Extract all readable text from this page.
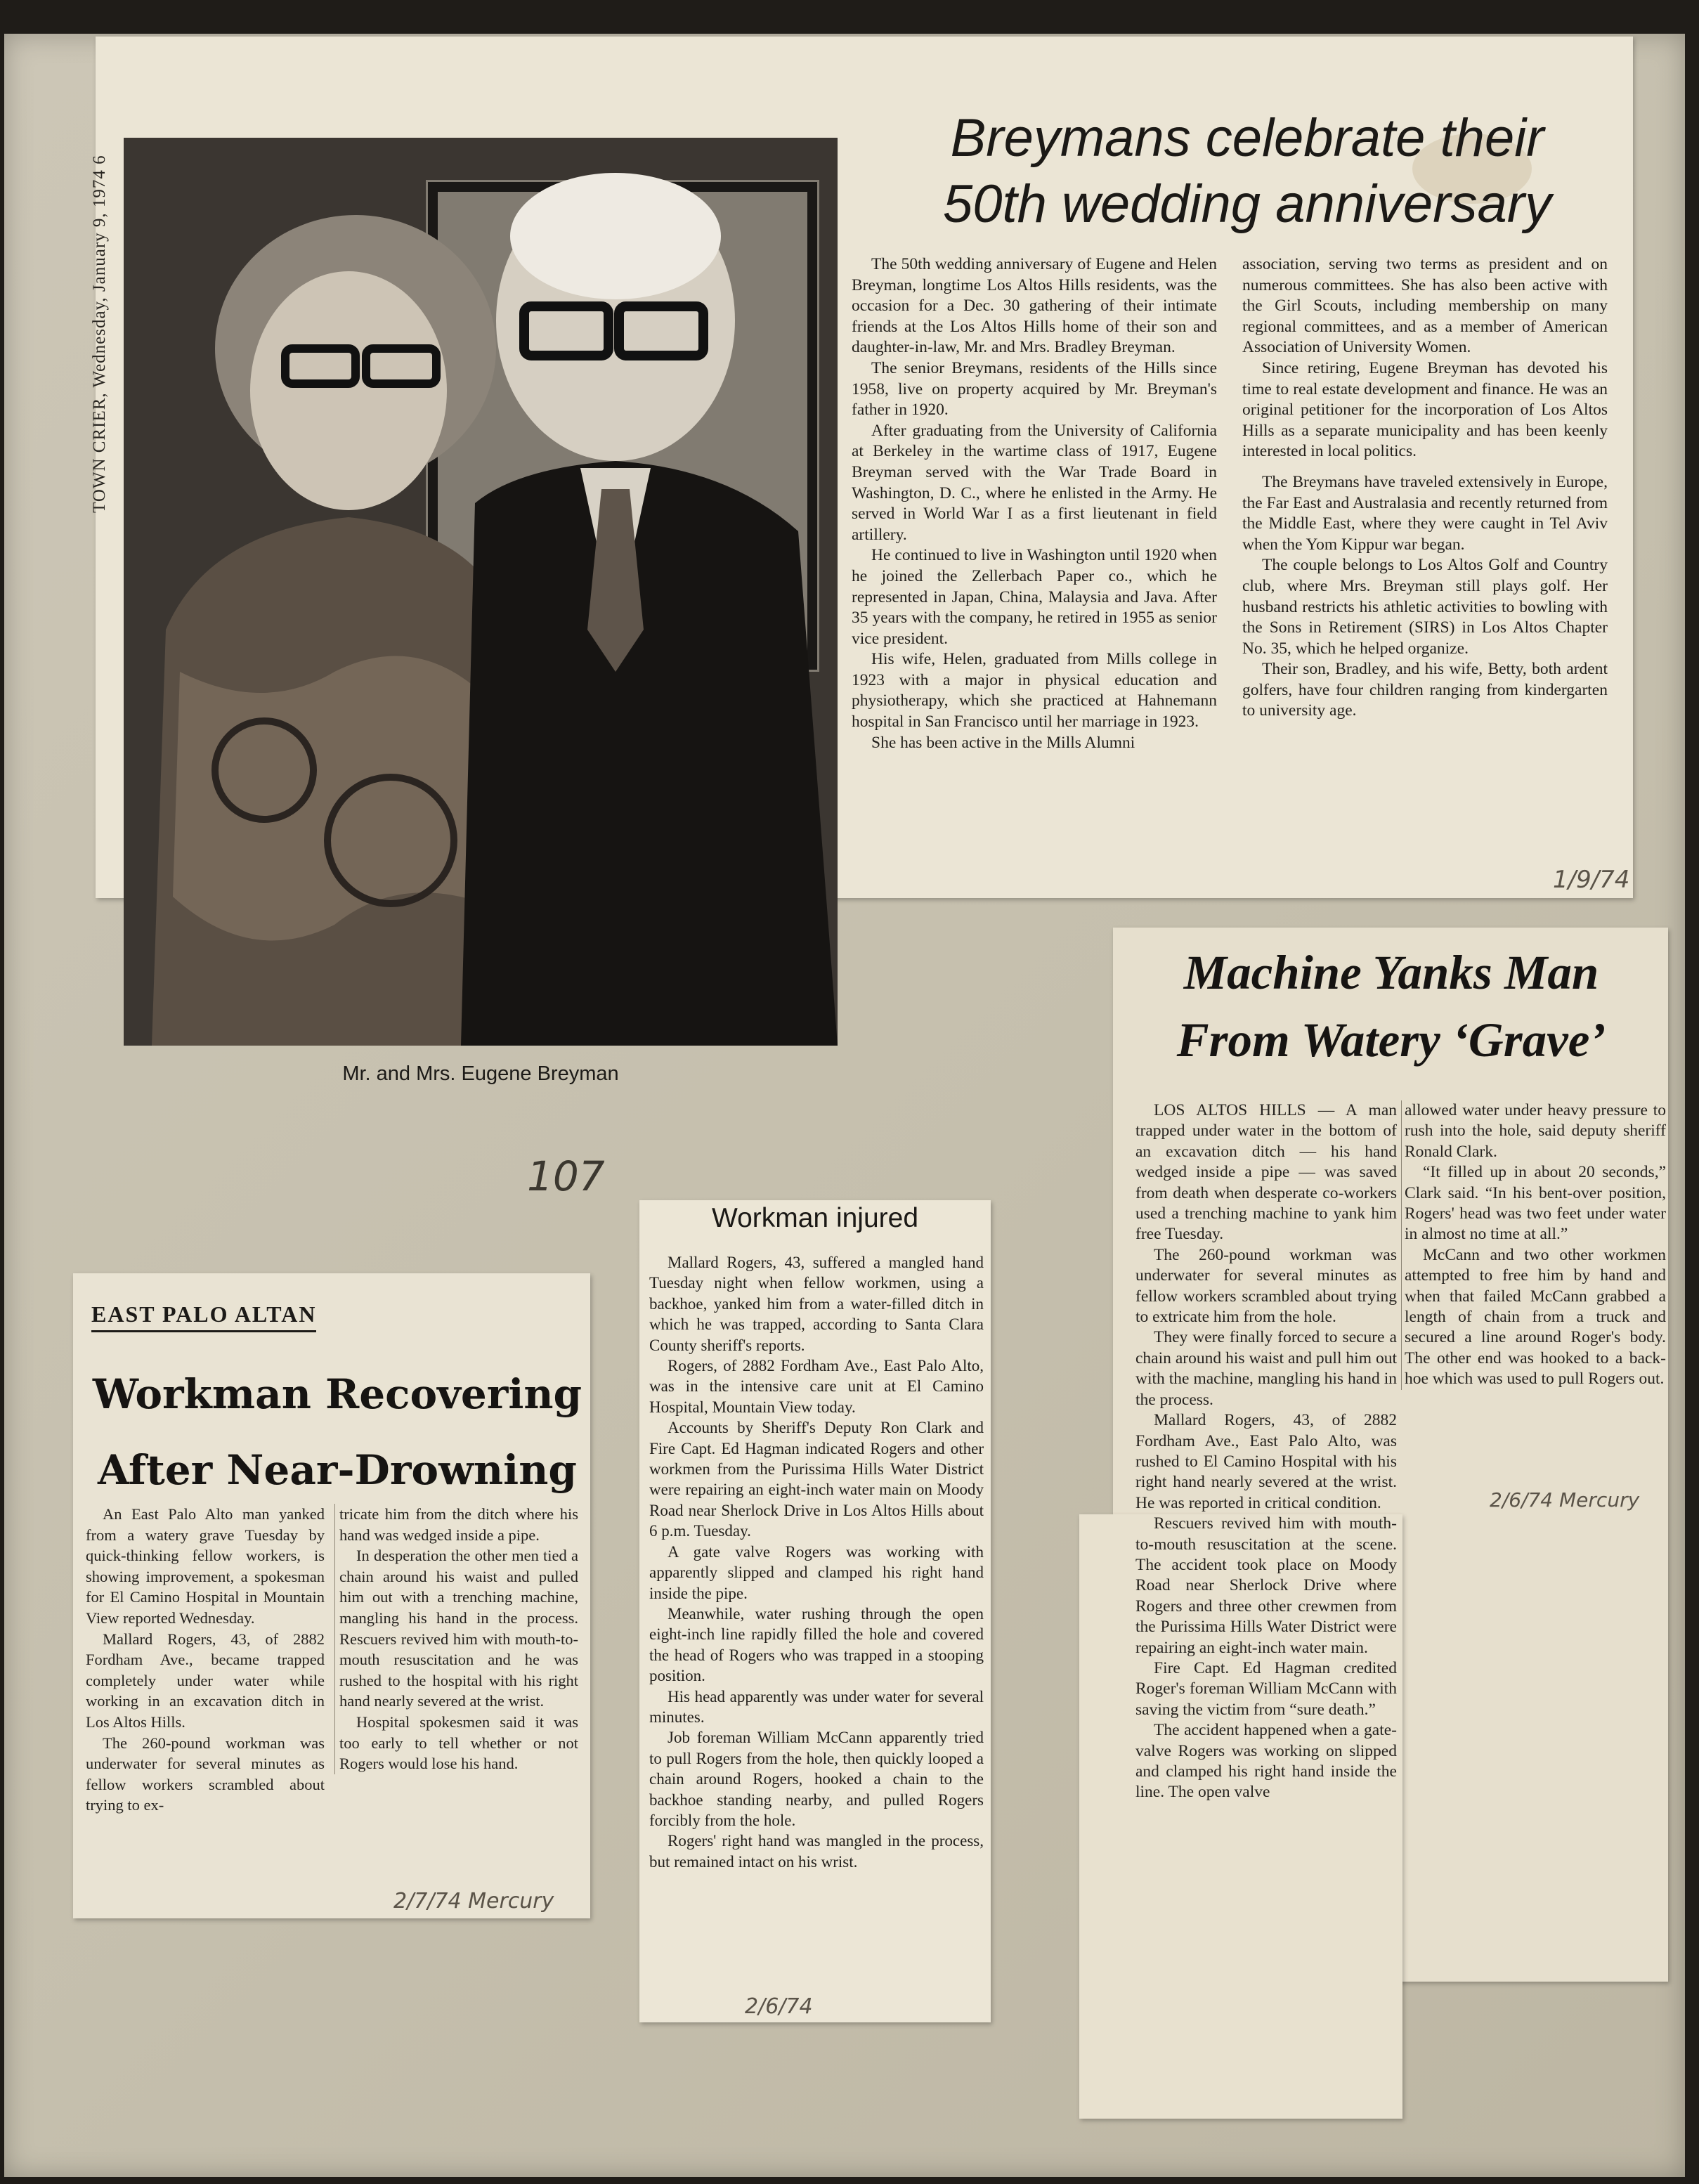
TOWN CRIER, Wednesday, January 9, 1974 6
Mr. and Mrs. Eugene Breyman
Breymans celebrate their
50th wedding anniversary

The 50th wedding anniversary of Eugene and Helen Breyman, longtime Los Altos Hills residents, was the occasion for a Dec. 30 gathering of their intimate friends at the Los Altos Hills home of their son and daughter-in-law, Mr. and Mrs. Bradley Breyman.

The senior Breymans, residents of the Hills since 1958, live on property acquired by Mr. Breyman's father in 1920.

After graduating from the University of California at Berkeley in the wartime class of 1917, Eugene Breyman served with the War Trade Board in Washington, D. C., where he enlisted in the Army. He served in World War I as a first lieutenant in field artillery.

He continued to live in Washington until 1920 when he joined the Zellerbach Paper co., which he represented in Japan, China, Malaysia and Java. After 35 years with the company, he retired in 1955 as senior vice president.

His wife, Helen, graduated from Mills college in 1923 with a major in physical education and physiotherapy, which she practiced at Hahnemann hospital in San Francisco until her marriage in 1923.

She has been active in the Mills Alumni

association, serving two terms as president and on numerous committees. She has also been active with the Girl Scouts, including membership on many regional committees, and as a member of American Association of University Women.

Since retiring, Eugene Breyman has devoted his time to real estate development and finance. He was an original petitioner for the incorporation of Los Altos Hills as a separate municipality and has been keenly interested in local politics.

The Breymans have traveled extensively in Europe, the Far East and Australasia and recently returned from the Middle East, where they were caught in Tel Aviv when the Yom Kippur war began.

The couple belongs to Los Altos Golf and Country club, where Mrs. Breyman still plays golf. Her husband restricts his athletic activities to bowling with the Sons in Retirement (SIRS) in Los Altos Chapter No. 35, which he helped organize.

Their son, Bradley, and his wife, Betty, both ardent golfers, have four children ranging from kindergarten to university age.

1/9/74
107
EAST PALO ALTAN
Workman Recovering
After Near-Drowning

An East Palo Alto man yanked from a watery grave Tuesday by quick-thinking fellow workers, is showing improvement, a spokesman for El Camino Hospital in Mountain View reported Wednesday.

Mallard Rogers, 43, of 2882 Fordham Ave., became trapped completely under water while working in an excavation ditch in Los Altos Hills.

The 260-pound workman was underwater for several minutes as fellow workers scrambled about trying to ex-

tricate him from the ditch where his hand was wedged inside a pipe.

In desperation the other men tied a chain around his waist and pulled him out with a trenching machine, mangling his hand in the process. Rescuers revived him with mouth-to-mouth resuscitation and he was rushed to the hospital with his right hand nearly severed at the wrist.

Hospital spokesmen said it was too early to tell whether or not Rogers would lose his hand.

2/7/74 Mercury
Workman injured

Mallard Rogers, 43, suffered a mangled hand Tuesday night when fellow workmen, using a backhoe, yanked him from a water-filled ditch in which he was trapped, according to Santa Clara County sheriff's reports.

Rogers, of 2882 Fordham Ave., East Palo Alto, was in the intensive care unit at El Camino Hospital, Mountain View today.

Accounts by Sheriff's Deputy Ron Clark and Fire Capt. Ed Hagman indicated Rogers and other workmen from the Purissima Hills Water District were repairing an eight-inch water main on Moody Road near Sherlock Drive in Los Altos Hills about 6 p.m. Tuesday.

A gate valve Rogers was working with apparently slipped and clamped his right hand inside the pipe.

Meanwhile, water rushing through the open eight-inch line rapidly filled the hole and covered the head of Rogers who was trapped in a stooping position.

His head apparently was under water for several minutes.

Job foreman William McCann apparently tried to pull Rogers from the hole, then quickly looped a chain around Rogers, hooked a chain to the backhoe standing nearby, and pulled Rogers forcibly from the hole.

Rogers' right hand was mangled in the process, but remained intact on his wrist.

2/6/74
Machine Yanks Man
From Watery ‘Grave’

LOS ALTOS HILLS — A man trapped under water in the bottom of an excavation ditch — his hand wedged inside a pipe — was saved from death when desperate co-workers used a trenching machine to yank him free Tuesday.

The 260-pound workman was underwater for several minutes as fellow workers scrambled about trying to extricate him from the hole.

They were finally forced to secure a chain around his waist and pull him out with the machine, mangling his hand in the process.

Mallard Rogers, 43, of 2882 Fordham Ave., East Palo Alto, was rushed to El Camino Hospital with his right hand nearly severed at the wrist. He was reported in critical condition.

Rescuers revived him with mouth-to-mouth resuscitation at the scene. The accident took place on Moody Road near Sherlock Drive where Rogers and three other crewmen from the Purissima Hills Water District were repairing an eight-inch water main.

Fire Capt. Ed Hagman credited Roger's foreman William McCann with saving the victim from “sure death.”

The accident happened when a gate-valve Rogers was working on slipped and clamped his right hand inside the line. The open valve

allowed water under heavy pressure to rush into the hole, said deputy sheriff Ronald Clark.

“It filled up in about 20 seconds,” Clark said. “In his bent-over position, Rogers' head was two feet under water in almost no time at all.”

McCann and two other workmen attempted to free him by hand and when that failed McCann grabbed a length of chain from a truck and secured a line around Roger's body. The other end was hooked to a back-hoe which was used to pull Rogers out.

2/6/74 Mercury
